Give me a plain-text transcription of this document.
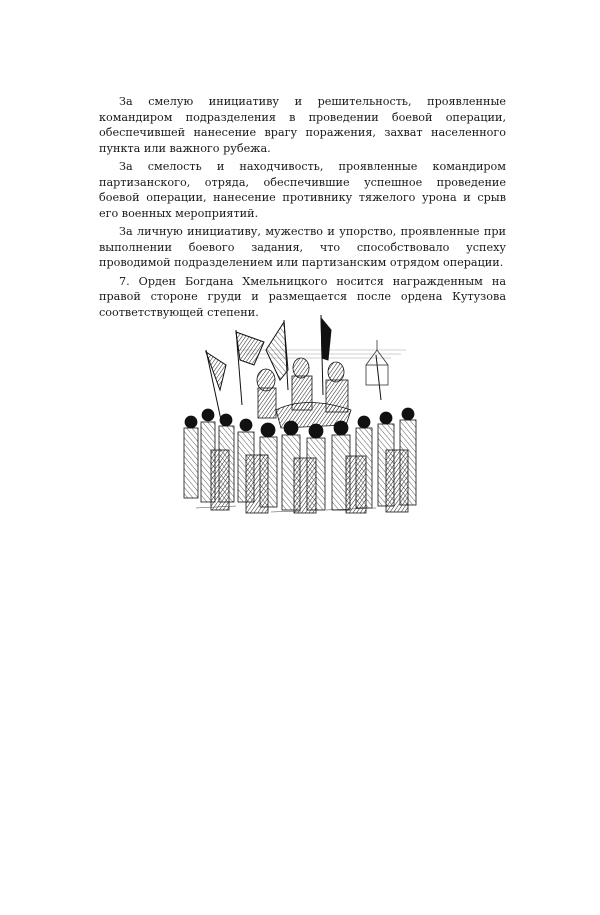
За смелую инициативу и решительность, проявленные командиром подразделения в проведении боевой операции, обеспечившей нанесение врагу поражения, захват населенного пункта или важного рубежа.

За смелость и находчивость, проявленные командиром партизанского, отряда, обеспечившие успешное проведение боевой операции, нанесение противнику тяжелого урона и срыв его военных мероприятий.

За личную инициативу, мужество и упорство, проявленные при выполнении боевого задания, что способствовало успеху проводимой подразделением или партизанским отрядом операции.

7. Орден Богдана Хмельницкого носится награжденным на правой стороне груди и размещается после ордена Кутузова соответствующей степени.
